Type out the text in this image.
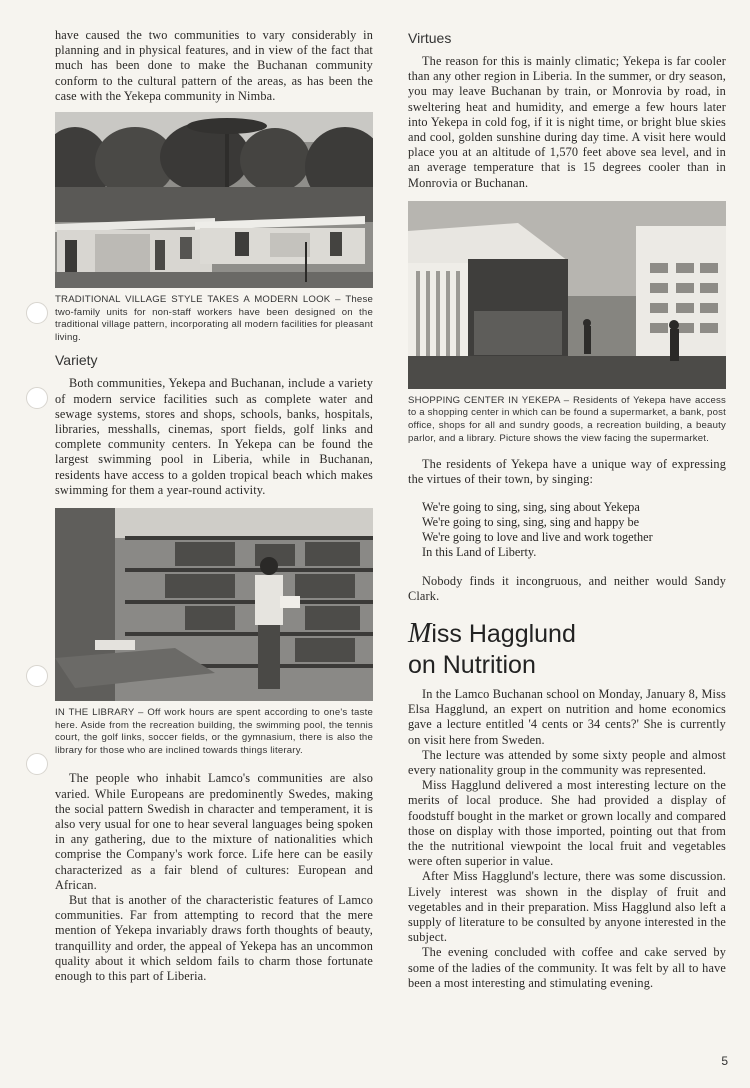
have caused the two communities to vary considerably in planning and in physical features, and in view of the fact that much has been done to make the Buchanan community conform to the cultural pattern of the areas, as has been the case with the Yekepa community in Nimba.

TRADITIONAL VILLAGE STYLE TAKES A MODERN LOOK – These two-family units for non-staff workers have been designed on the traditional village pattern, incorporating all modern facilities for pleasant living.

Variety

Both communities, Yekepa and Buchanan, include a variety of modern service facilities such as complete water and sewage systems, stores and shops, schools, banks, hospitals, libraries, messhalls, cinemas, sport fields, golf links and complete community centers. In Yekepa can be found the largest swimming pool in Liberia, while in Buchanan, residents have access to a golden tropical beach which makes swimming for them a year-round activity.

IN THE LIBRARY – Off work hours are spent according to one's taste here. Aside from the recreation building, the swimming pool, the tennis court, the golf links, soccer fields, or the gymnasium, there is also the library for those who are inclined towards things literary.

The people who inhabit Lamco's communities are also varied. While Europeans are predominently Swedes, making the social pattern Swedish in character and temperament, it is also very usual for one to hear several languages being spoken in any gathering, due to the mixture of nationalities which comprise the Company's work force. Life here can be easily characterized as a fair blend of cultures: European and African.

But that is another of the characteristic features of Lamco communities. Far from attempting to record that the mere mention of Yekepa invariably draws forth thoughts of beauty, tranquillity and order, the appeal of Yekepa has an uncommon quality about it which seldom fails to charm those fortunate enough to this part of Liberia.

Virtues

The reason for this is mainly climatic; Yekepa is far cooler than any other region in Liberia. In the summer, or dry season, you may leave Buchanan by train, or Monrovia by road, in sweltering heat and humidity, and emerge a few hours later into Yekepa in cold fog, if it is night time, or bright blue skies and cool, golden sunshine during day time. A visit here would place you at an altitude of 1,570 feet above sea level, and in an average temperature that is 15 degrees cooler than in Monrovia or Buchanan.

SHOPPING CENTER IN YEKEPA – Residents of Yekepa have access to a shopping center in which can be found a supermarket, a bank, post office, shops for all and sundry goods, a recreation building, a beauty parlor, and a library. Picture shows the view facing the supermarket.

The residents of Yekepa have a unique way of expressing the virtues of their town, by singing:

We're going to sing, sing, sing about Yekepa
We're going to sing, sing, sing and happy be
We're going to love and live and work together
In this Land of Liberty.

Nobody finds it incongruous, and neither would Sandy Clark.

Miss Hagglund
on Nutrition

In the Lamco Buchanan school on Monday, January 8, Miss Elsa Hagglund, an expert on nutrition and home economics gave a lecture entitled '4 cents or 34 cents?' She is currently on visit here from Sweden.

The lecture was attended by some sixty people and almost every nationality group in the community was represented.

Miss Hagglund delivered a most interesting lecture on the merits of local produce. She had provided a display of foodstuff bought in the market or grown locally and compared those on display with those imported, pointing out that from the the nutritional viewpoint the local fruit and vegetables were often superior in value.

After Miss Hagglund's lecture, there was some discussion. Lively interest was shown in the display of fruit and vegetables and in their preparation. Miss Hagglund also left a supply of literature to be consulted by anyone interested in the subject.

The evening concluded with coffee and cake served by some of the ladies of the community. It was felt by all to have been a most interesting and stimulating evening.

5
